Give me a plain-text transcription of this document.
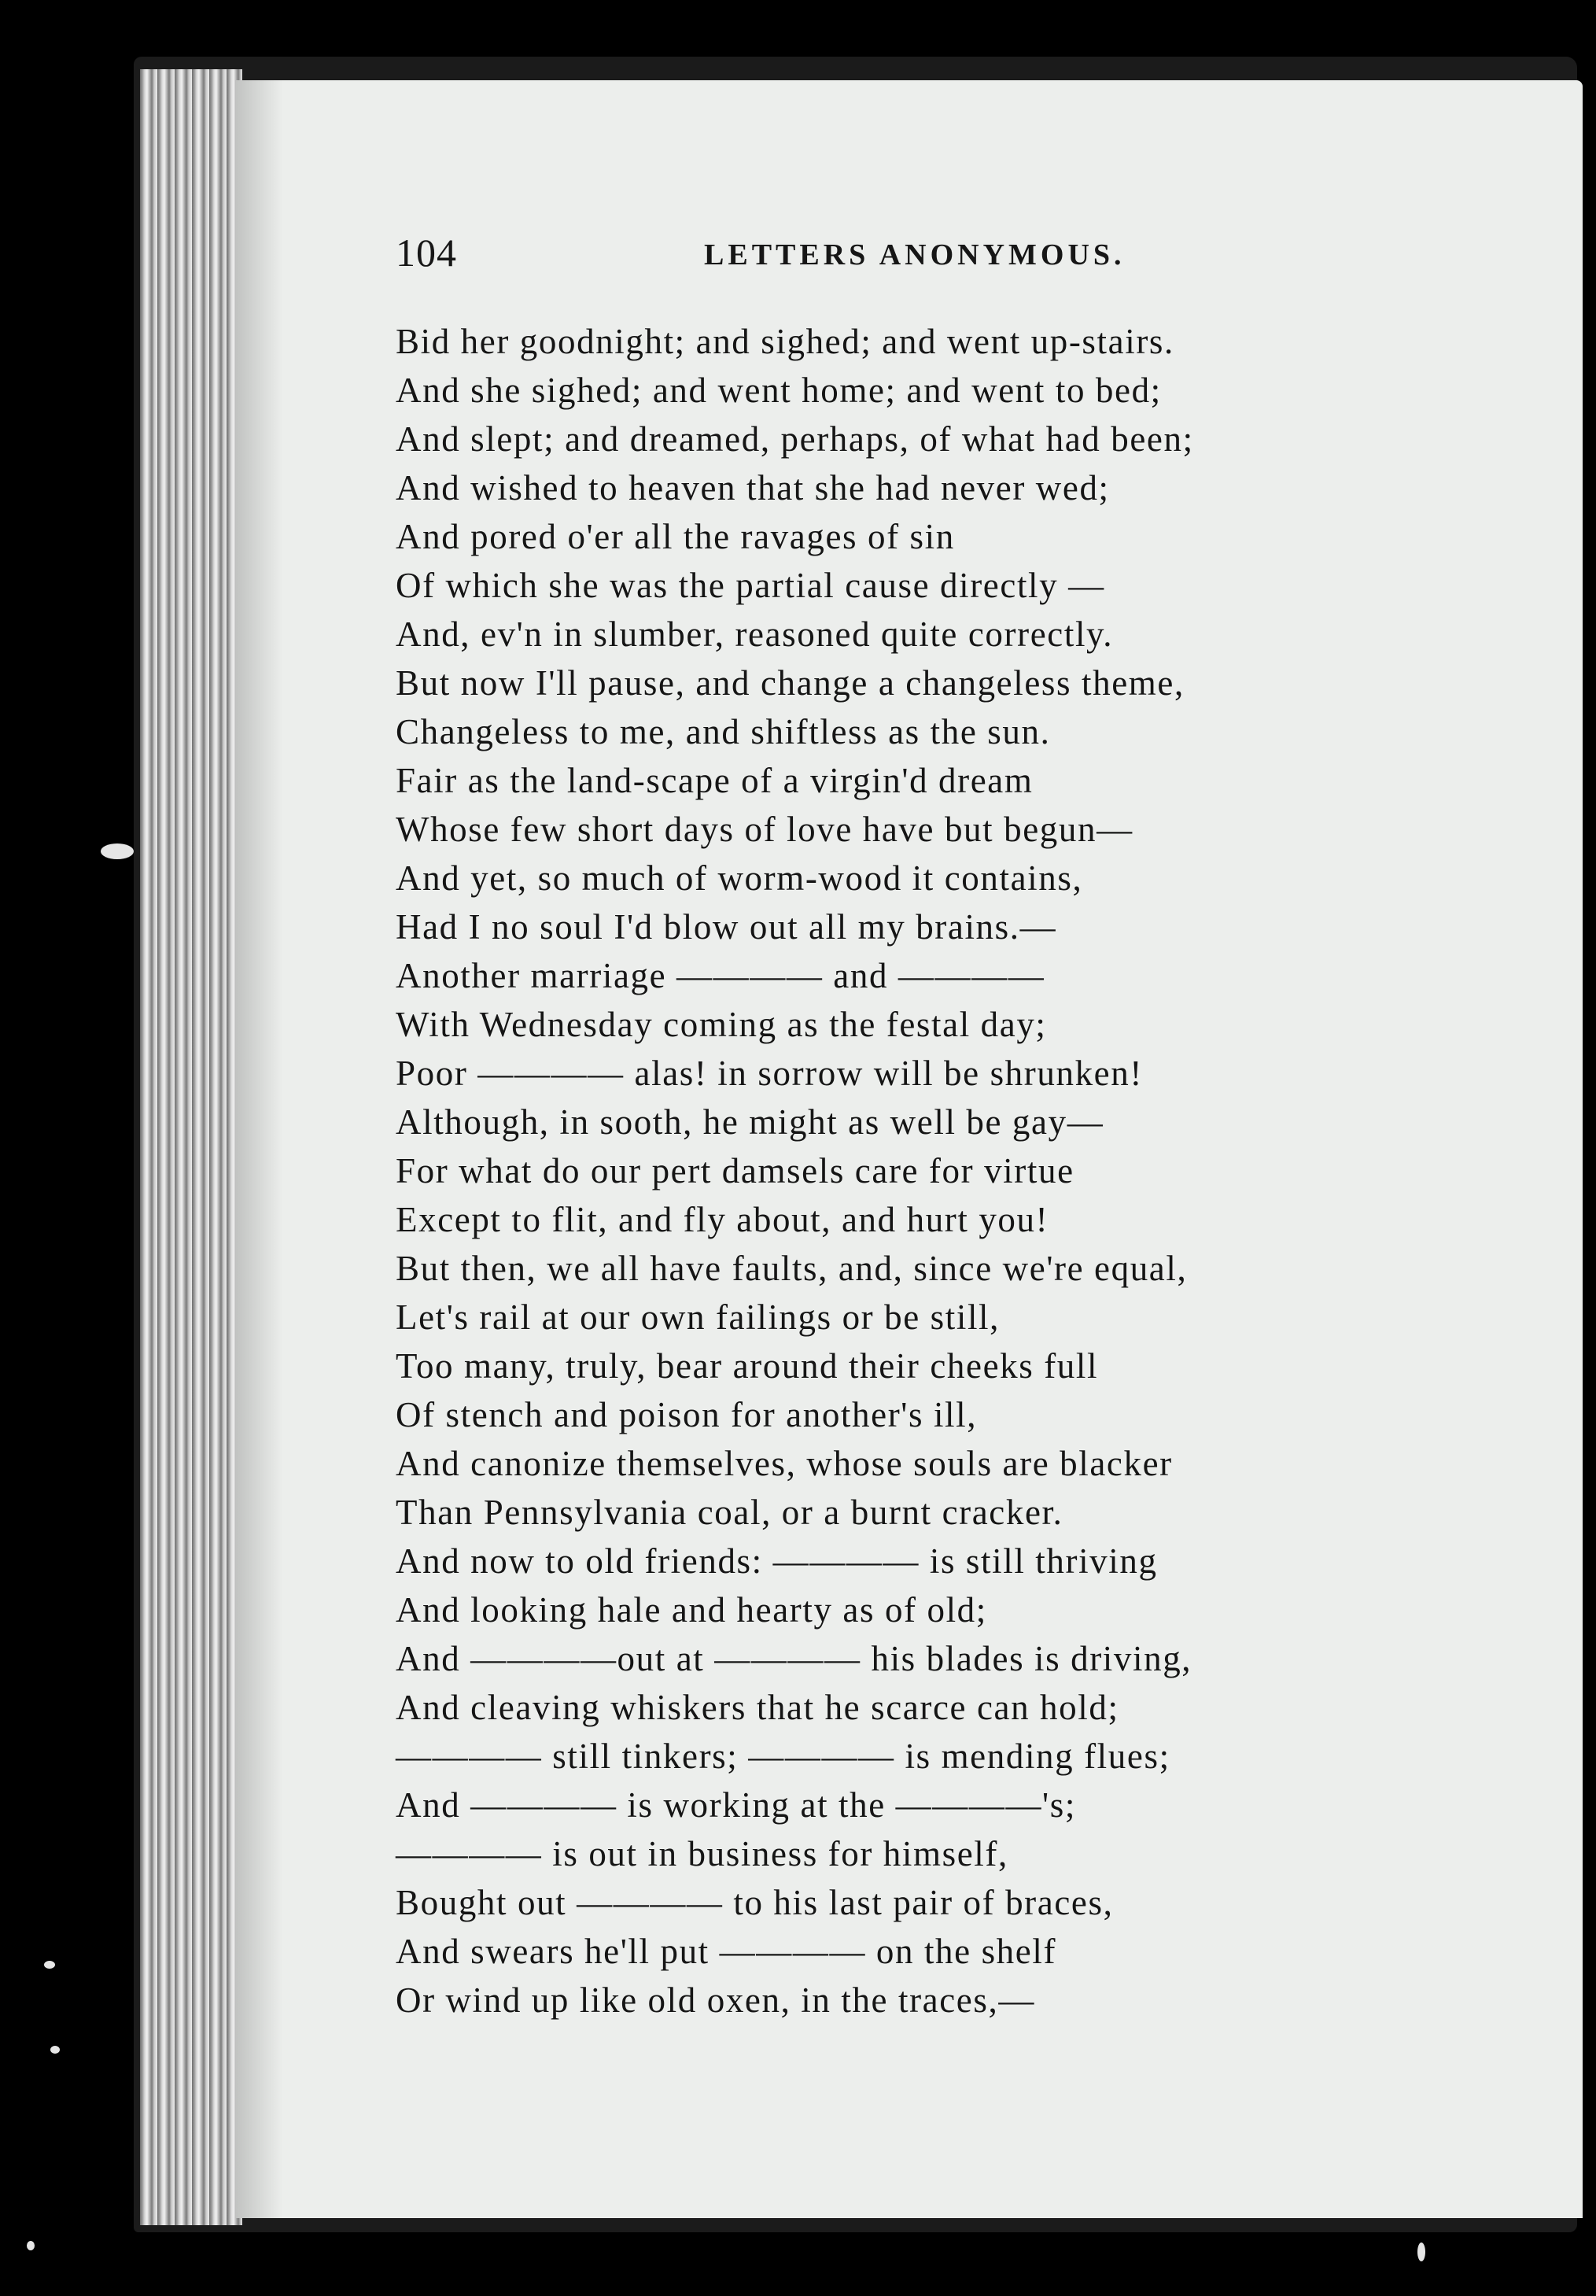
104	LETTERS ANONYMOUS.
Bid her goodnight; and sighed; and went up-stairs.
And she sighed; and went home; and went to bed;
And slept; and dreamed, perhaps, of what had been;
And wished to heaven that she had never wed;
And pored o'er all the ravages of sin
Of which she was the partial cause directly —
And, ev'n in slumber, reasoned quite correctly.
But now I'll pause, and change a changeless theme,
Changeless to me, and shiftless as the sun.
Fair as the land-scape of a virgin'd dream
Whose few short days of love have but begun—
And yet, so much of worm-wood it contains,
Had I no soul I'd blow out all my brains.—
Another marriage ———— and ————
With Wednesday coming as the festal day;
Poor ———— alas! in sorrow will be shrunken!
Although, in sooth, he might as well be gay—
For what do our pert damsels care for virtue
Except to flit, and fly about, and hurt you!
But then, we all have faults, and, since we're equal,
Let's rail at our own failings or be still,
Too many, truly, bear around their cheeks full
Of stench and poison for another's ill,
And canonize themselves, whose souls are blacker
Than Pennsylvania coal, or a burnt cracker.
And now to old friends: ———— is still thriving
And looking hale and hearty as of old;
And ————out at ———— his blades is driving,
And cleaving whiskers that he scarce can hold;
———— still tinkers; ———— is mending flues;
And ———— is working at the ————'s;
———— is out in business for himself,
Bought out ———— to his last pair of braces,
And swears he'll put ———— on the shelf
Or wind up like old oxen, in the traces,—
